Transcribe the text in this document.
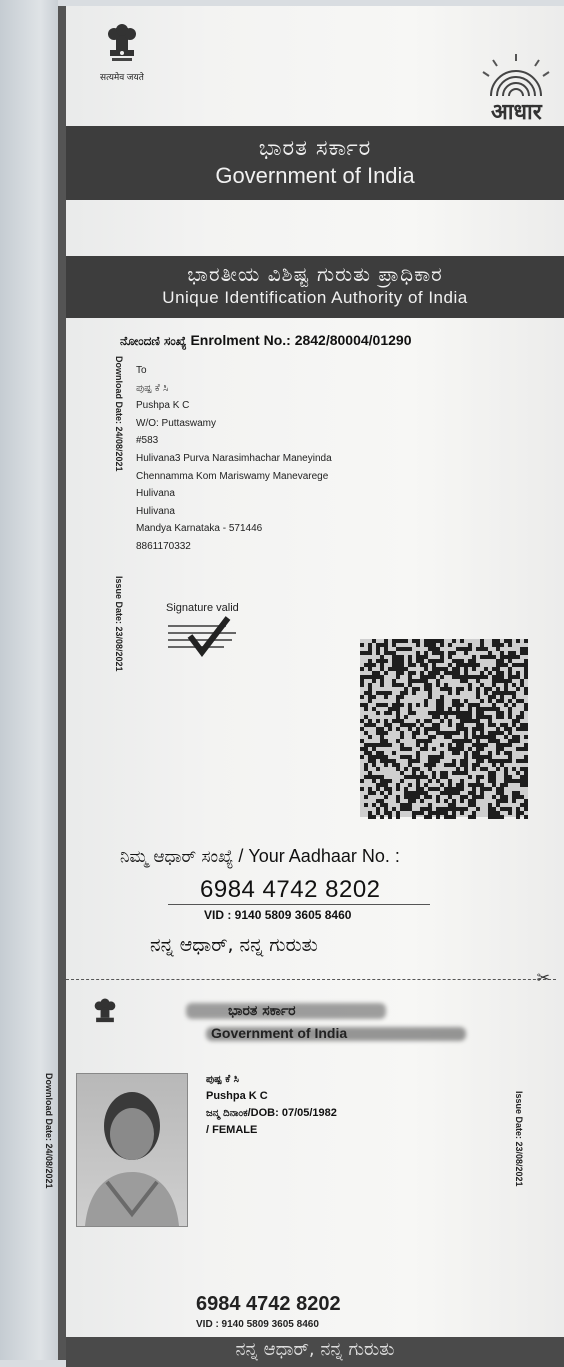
सत्यमेव जयते
आधार
ಭಾರತ ಸರ್ಕಾರ
Government of India
ಭಾರತೀಯ ವಿಶಿಷ್ಟ ಗುರುತು ಪ್ರಾಧಿಕಾರ
Unique Identification Authority of India
ನೋಂದಣಿ ಸಂಖ್ಯೆ Enrolment No.: 2842/80004/01290
Download Date: 24/08/2021
Issue Date: 23/08/2021
To
ಪುಷ್ಪ ಕೆ ಸಿ
Pushpa K C
W/O: Puttaswamy
#583
Hulivana3 Purva Narasimhachar Maneyinda
Chennamma Kom Mariswamy Manevarege
Hulivana
Hulivana
Mandya Karnataka - 571446
8861170332
Signature valid
ನಿಮ್ಮ ಆಧಾರ್ ಸಂಖ್ಯೆ / Your Aadhaar No. :
6984 4742 8202
VID : 9140 5809 3605 8460
ನನ್ನ ಆಧಾರ್, ನನ್ನ ಗುರುತು
✂
ಭಾರತ ಸರ್ಕಾರ
Government of India
Download Date: 24/08/2021	Issue Date: 23/08/2021
ಪುಷ್ಪ ಕೆ ಸಿ
Pushpa K C
ಜನ್ಮ ದಿನಾಂಕ/DOB: 07/05/1982
/ FEMALE
6984 4742 8202
VID : 9140 5809 3605 8460
ನನ್ನ ಆಧಾರ್, ನನ್ನ ಗುರುತು
